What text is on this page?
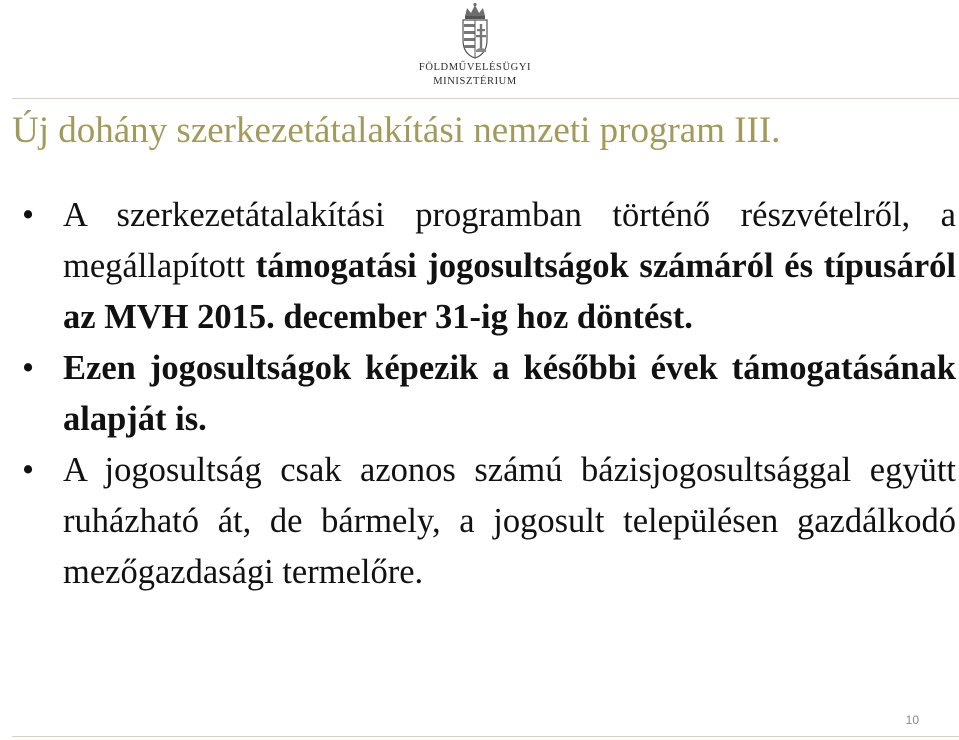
FÖLDMŰVELÉSÜGYI
MINISZTÉRIUM
Új dohány szerkezetátalakítási nemzeti program III.
• A szerkezetátalakítási programban történő részvételről, a megállapított támogatási jogosultságok számáról és típusáról az MVH 2015. december 31-ig hoz döntést.
• Ezen jogosultságok képezik a későbbi évek támogatásának alapját is.
• A jogosultság csak azonos számú bázisjogosultsággal együtt ruházható át, de bármely, a jogosult településen gazdálkodó mezőgazdasági termelőre.
10
